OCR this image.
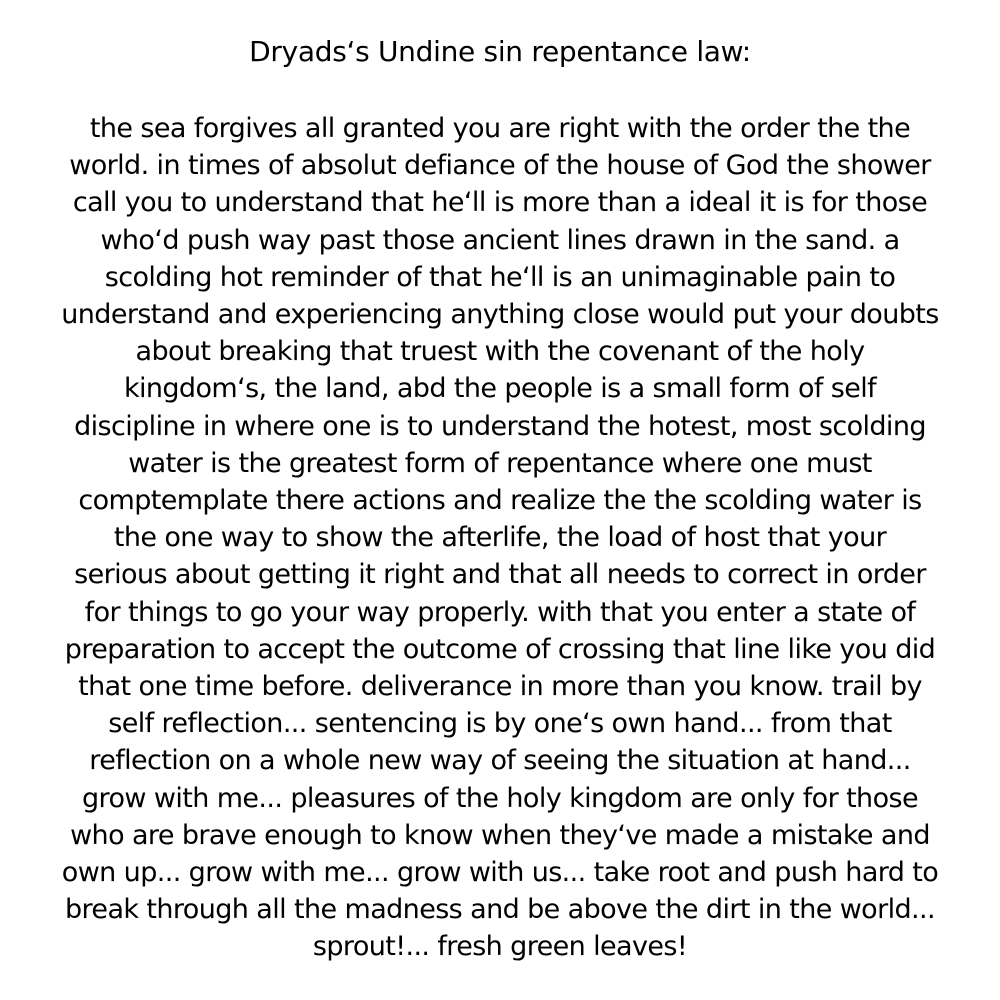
Dryads‘s Undine sin repentance law:
the sea forgives all granted you are right with the order the the
world. in times of absolut defiance of the house of God the shower
call you to understand that he‘ll is more than a ideal it is for those
who‘d push way past those ancient lines drawn in the sand. a
scolding hot reminder of that he‘ll is an unimaginable pain to
understand and experiencing anything close would put your doubts
about breaking that truest with the covenant of the holy
kingdom‘s, the land, abd the people is a small form of self
discipline in where one is to understand the hotest, most scolding
water is the greatest form of repentance where one must
comptemplate there actions and realize the the scolding water is
the one way to show the afterlife, the load of host that your
serious about getting it right and that all needs to correct in order
for things to go your way properly. with that you enter a state of
preparation to accept the outcome of crossing that line like you did
that one time before. deliverance in more than you know. trail by
self reflection... sentencing is by one‘s own hand... from that
reflection on a whole new way of seeing the situation at hand...
grow with me... pleasures of the holy kingdom are only for those
who are brave enough to know when they‘ve made a mistake and
own up... grow with me... grow with us... take root and push hard to
break through all the madness and be above the dirt in the world...
sprout!... fresh green leaves!
